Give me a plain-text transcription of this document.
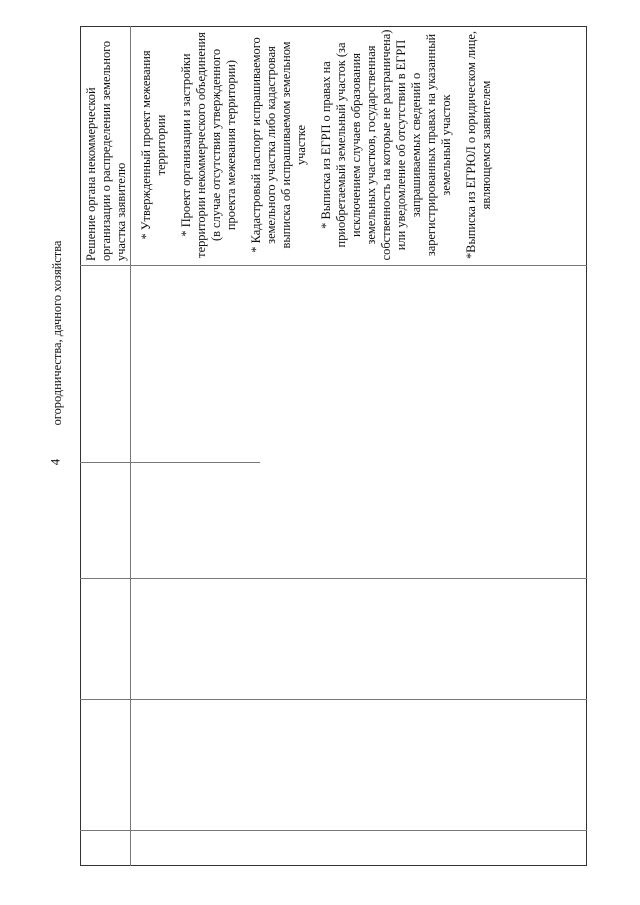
4
огородничества, дачного хозяйства
Решение органа некоммерческой организации о распределении земельного участка заявителю * Утвержденный проект межевания территории * Проект организации и застройки территории некоммерческого объединения (в случае отсутствия утвержденного проекта межевания территории) * Кадастровый паспорт испрашиваемого земельного участка либо кадастровая выписка об испрашиваемом земельном участке * Выписка из ЕГРП о правах на приобретаемый земельный участок (за исключением случаев образования земельных участков, государственная собственность на которые не разграничена) или уведомление об отсутствии в ЕГРП запрашиваемых сведений о зарегистрированных правах на указанный земельный участок *Выписка из ЕГРЮЛ о юридическом лице, являющемся заявителем
